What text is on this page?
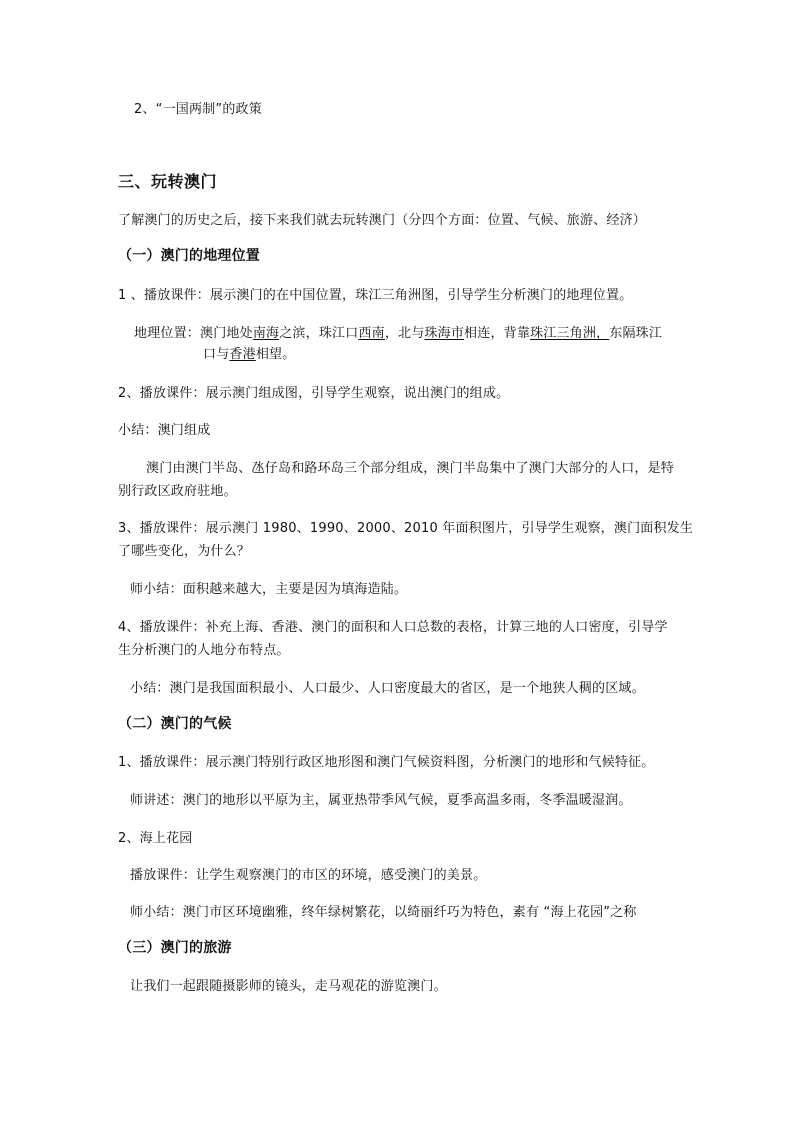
2、“一国两制”的政策
三、玩转澳门
了解澳门的历史之后，接下来我们就去玩转澳门（分四个方面：位置、气候、旅游、经济）
（一）澳门的地理位置
1 、播放课件：展示澳门的在中国位置，珠江三角洲图，引导学生分析澳门的地理位置。
地理位置：澳门地处南海之滨，珠江口西南，北与珠海市相连，背靠珠江三角洲，东隔珠江
口与香港相望。
2、播放课件：展示澳门组成图，引导学生观察，说出澳门的组成。
小结：澳门组成
澳门由澳门半岛、氹仔岛和路环岛三个部分组成，澳门半岛集中了澳门大部分的人口，是特
别行政区政府驻地。
3、播放课件：展示澳门 1980、1990、2000、2010 年面积图片，引导学生观察，澳门面积发生
了哪些变化，为什么？
师小结：面积越来越大，主要是因为填海造陆。
4、播放课件：补充上海、香港、澳门的面积和人口总数的表格，计算三地的人口密度，引导学
生分析澳门的人地分布特点。
小结：澳门是我国面积最小、人口最少、人口密度最大的省区，是一个地狭人稠的区域。
（二）澳门的气候
1、播放课件：展示澳门特别行政区地形图和澳门气候资料图，分析澳门的地形和气候特征。
师讲述：澳门的地形以平原为主，属亚热带季风气候，夏季高温多雨，冬季温暖湿润。
2、海上花园
播放课件：让学生观察澳门的市区的环境，感受澳门的美景。
师小结：澳门市区环境幽雅，终年绿树繁花，以绮丽纤巧为特色，素有 “海上花园”之称
（三）澳门的旅游
让我们一起跟随摄影师的镜头，走马观花的游览澳门。
